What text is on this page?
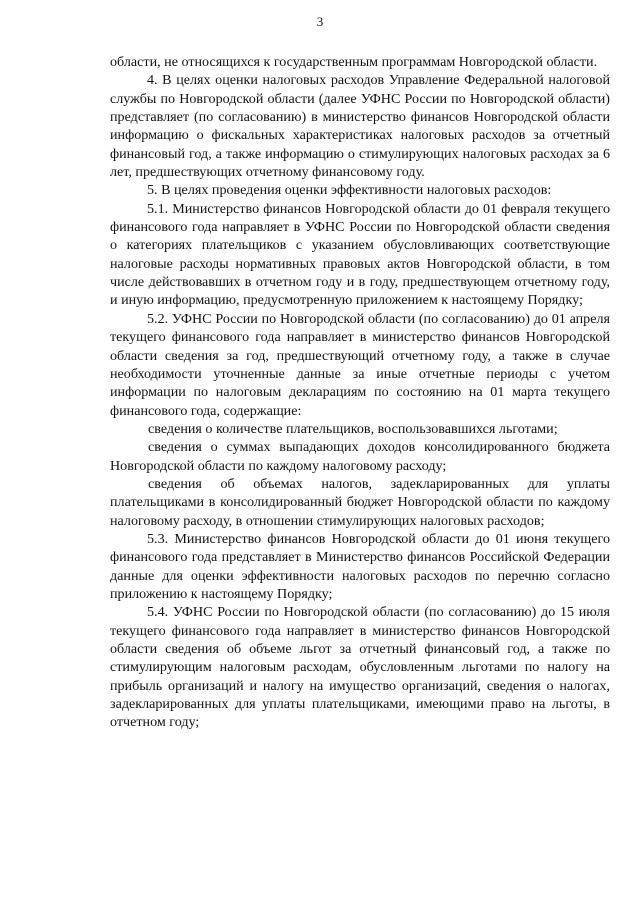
3

области, не относящихся к государственным программам Новгородской области.

4. В целях оценки налоговых расходов Управление Федеральной налоговой службы по Новгородской области (далее УФНС России по Новгородской области) представляет (по согласованию) в министерство финансов Новгородской области информацию о фискальных характеристиках налоговых расходов за отчетный финансовый год, а также информацию о стимулирующих налоговых расходах за 6 лет, предшествующих отчетному финансовому году.

5. В целях проведения оценки эффективности налоговых расходов:

5.1. Министерство финансов Новгородской области до 01 февраля текущего финансового года направляет в УФНС России по Новгородской области сведения о категориях плательщиков с указанием обусловливающих соответствующие налоговые расходы нормативных правовых актов Новгородской области, в том числе действовавших в отчетном году и в году, предшествующем отчетному году, и иную информацию, предусмотренную приложением к настоящему Порядку;

5.2. УФНС России по Новгородской области (по согласованию) до 01 апреля текущего финансового года направляет в министерство финансов Новгородской области сведения за год, предшествующий отчетному году, а также в случае необходимости уточненные данные за иные отчетные периоды с учетом информации по налоговым декларациям по состоянию на 01 марта текущего финансового года, содержащие:

сведения о количестве плательщиков, воспользовавшихся льготами;

сведения о суммах выпадающих доходов консолидированного бюджета Новгородской области по каждому налоговому расходу;

сведения об объемах налогов, задекларированных для уплаты плательщиками в консолидированный бюджет Новгородской области по каждому налоговому расходу, в отношении стимулирующих налоговых расходов;

5.3. Министерство финансов Новгородской области до 01 июня текущего финансового года представляет в Министерство финансов Российской Федерации данные для оценки эффективности налоговых расходов по перечню согласно приложению к настоящему Порядку;

5.4. УФНС России по Новгородской области (по согласованию) до 15 июля текущего финансового года направляет в министерство финансов Новгородской области сведения об объеме льгот за отчетный финансовый год, а также по стимулирующим налоговым расходам, обусловленным льготами по налогу на прибыль организаций и налогу на имущество организаций, сведения о налогах, задекларированных для уплаты плательщиками, имеющими право на льготы, в отчетном году;
